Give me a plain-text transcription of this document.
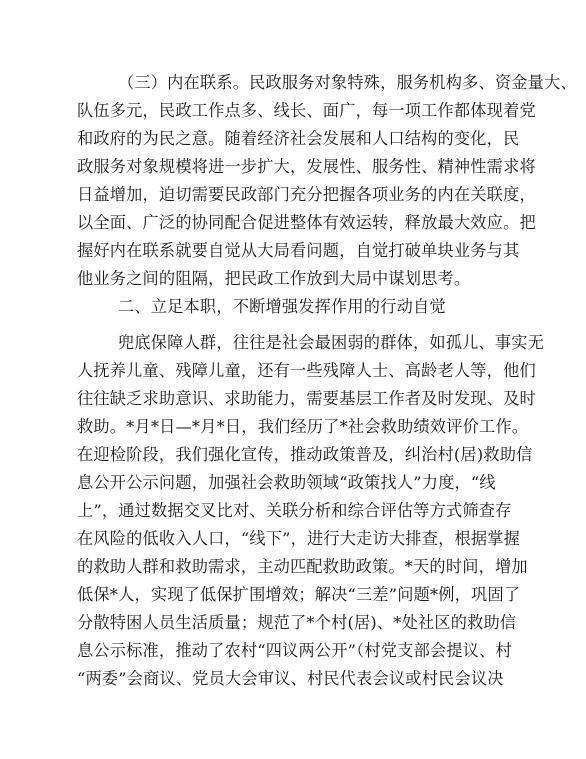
（三）内在联系。民政服务对象特殊，服务机构多、资金量大、
队伍多元，民政工作点多、线长、面广，每一项工作都体现着党
和政府的为民之意。随着经济社会发展和人口结构的变化，民
政服务对象规模将进一步扩大，发展性、服务性、精神性需求将
日益增加，迫切需要民政部门充分把握各项业务的内在关联度，
以全面、广泛的协同配合促进整体有效运转，释放最大效应。把
握好内在联系就要自觉从大局看问题，自觉打破单块业务与其
他业务之间的阻隔，把民政工作放到大局中谋划思考。
二、立足本职，不断增强发挥作用的行动自觉
兜底保障人群，往往是社会最困弱的群体，如孤儿、事实无
人抚养儿童、残障儿童，还有一些残障人士、高龄老人等，他们
往往缺乏求助意识、求助能力，需要基层工作者及时发现、及时
救助。*月*日—*月*日，我们经历了*社会救助绩效评价工作。
在迎检阶段，我们强化宣传，推动政策普及，纠治村(居)救助信
息公开公示问题，加强社会救助领域“政策找人”力度，“线
上”，通过数据交叉比对、关联分析和综合评估等方式筛查存
在风险的低收入人口，“线下”，进行大走访大排查，根据掌握
的救助人群和救助需求，主动匹配救助政策。*天的时间，增加
低保*人，实现了低保扩围增效；解决“三差”问题*例，巩固了
分散特困人员生活质量；规范了*个村(居)、*处社区的救助信
息公示标准，推动了农村“四议两公开”（村党支部会提议、村
“两委”会商议、党员大会审议、村民代表会议或村民会议决
